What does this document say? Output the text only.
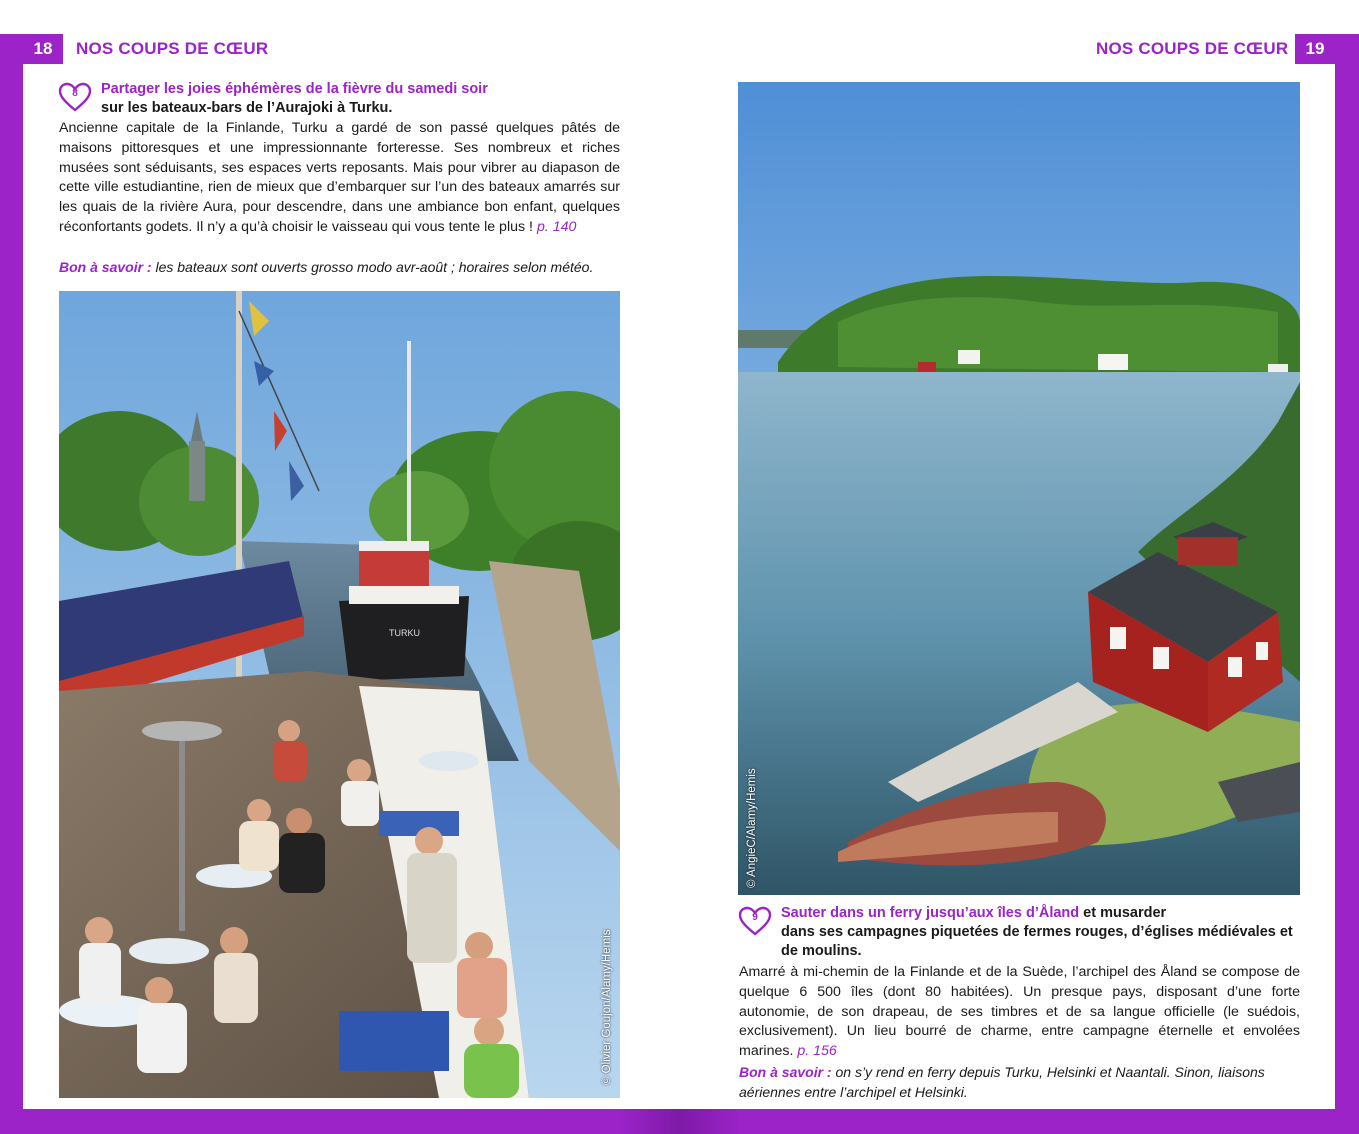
18	NOS COUPS DE CŒUR
8	Partager les joies éphémères de la fièvre du samedi soir
sur les bateaux-bars de l’Aurajoki à Turku.
Ancienne capitale de la Finlande, Turku a gardé de son passé quelques pâtés de maisons pittoresques et une impressionnante forteresse. Ses nombreux et riches musées sont séduisants, ses espaces verts reposants. Mais pour vibrer au diapason de cette ville estudiantine, rien de mieux que d’embarquer sur l’un des bateaux amarrés sur les quais de la rivière Aura, pour descendre, dans une ambiance bon enfant, quelques réconfortants godets. Il n’y a qu’à choisir le vaisseau qui vous tente le plus ! p. 140
Bon à savoir : les bateaux sont ouverts grosso modo avr-août ; horaires selon météo.
TURKU
© Olivier Goujon/Alamy/Hemis
19
NOS COUPS DE CŒUR
© AngieC/Alamy/Hemis
9	Sauter dans un ferry jusqu’aux îles d’Åland et musarder
dans ses campagnes piquetées de fermes rouges, d’églises médiévales et de moulins.
Amarré à mi-chemin de la Finlande et de la Suède, l’archipel des Åland se compose de quelque 6 500 îles (dont 80 habitées). Un presque pays, disposant d’une forte autonomie, de son drapeau, de ses timbres et de sa langue officielle (le suédois, exclusivement). Un lieu bourré de charme, entre campagne éternelle et envolées marines. p. 156
Bon à savoir : on s’y rend en ferry depuis Turku, Helsinki et Naantali. Sinon, liaisons aériennes entre l’archipel et Helsinki.
